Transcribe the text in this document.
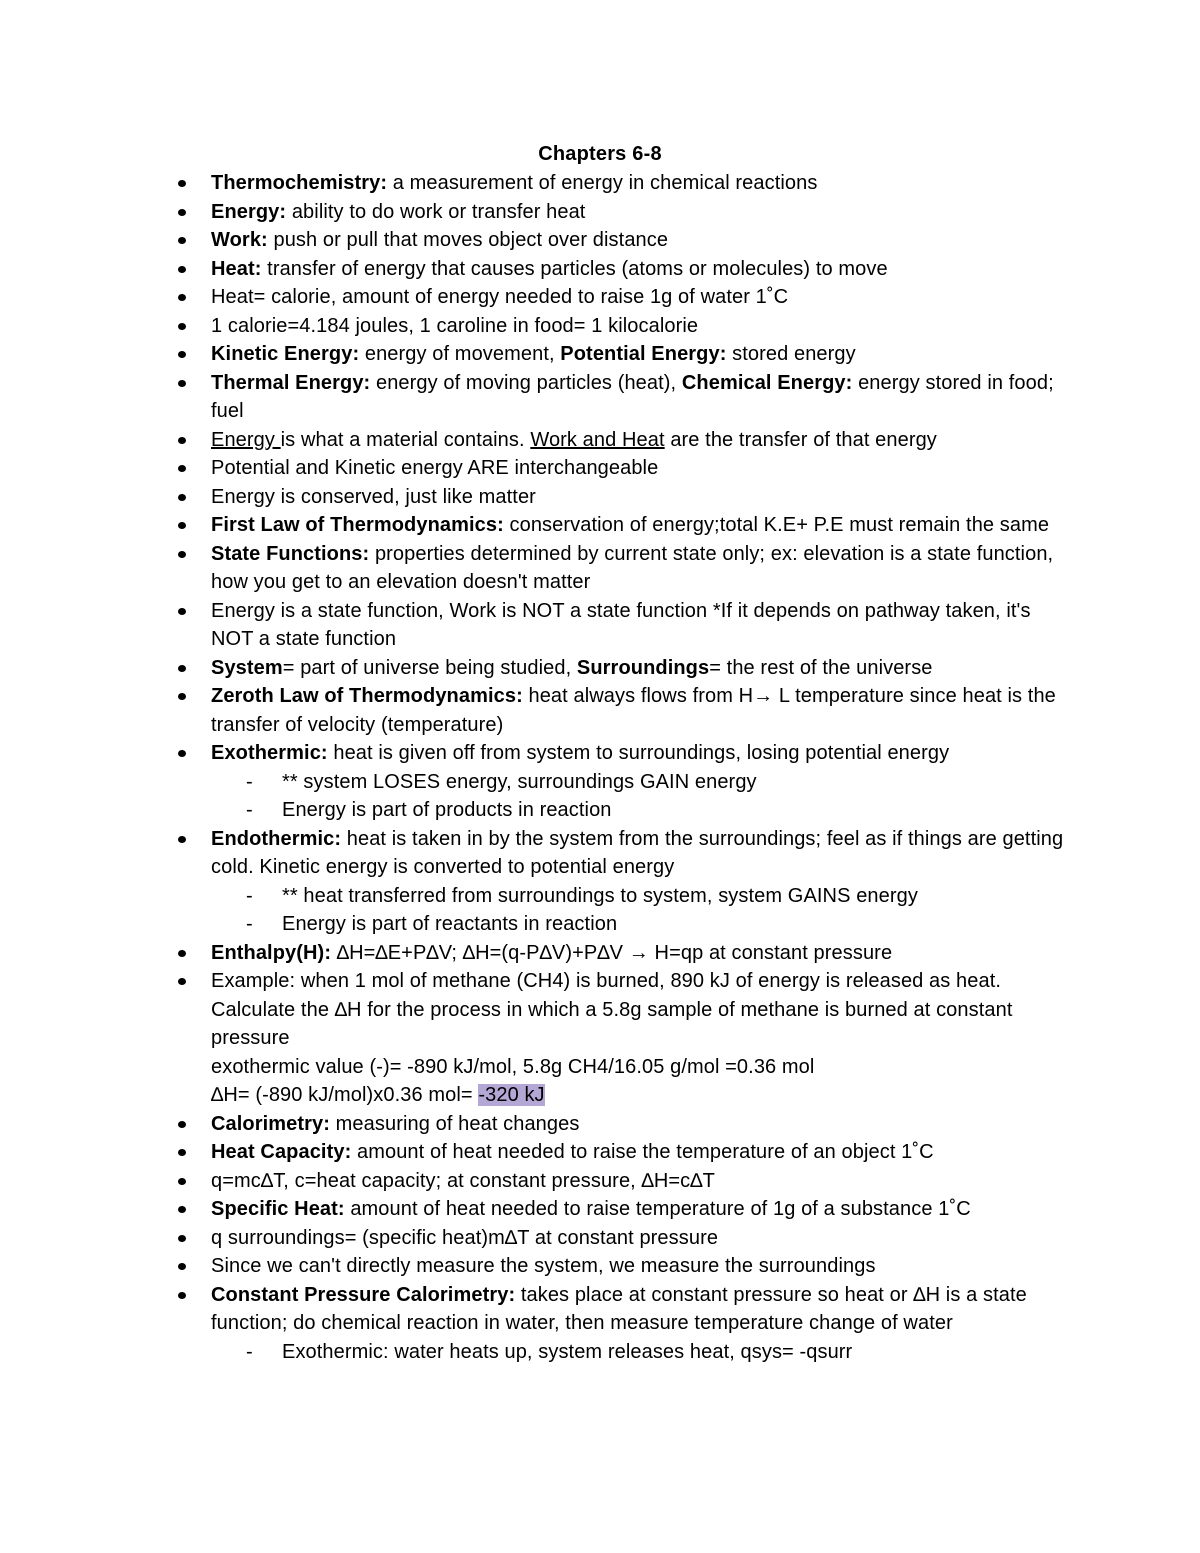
Chapters 6-8
Thermochemistry: a measurement of energy in chemical reactions
Energy: ability to do work or transfer heat
Work: push or pull that moves object over distance
Heat: transfer of energy that causes particles (atoms or molecules) to move
Heat= calorie, amount of energy needed to raise 1g of water 1˚C
1 calorie=4.184 joules, 1 caroline in food= 1 kilocalorie
Kinetic Energy: energy of movement, Potential Energy: stored energy
Thermal Energy: energy of moving particles (heat), Chemical Energy: energy stored in food; fuel
Energy is what a material contains. Work and Heat are the transfer of that energy
Potential and Kinetic energy ARE interchangeable
Energy is conserved, just like matter
First Law of Thermodynamics: conservation of energy;total K.E+ P.E must remain the same
State Functions: properties determined by current state only; ex: elevation is a state function, how you get to an elevation doesn't matter
Energy is a state function, Work is NOT a state function *If it depends on pathway taken, it's NOT a state function
System= part of universe being studied, Surroundings= the rest of the universe
Zeroth Law of Thermodynamics: heat always flows from H→ L temperature since heat is the transfer of velocity (temperature)
Exothermic: heat is given off from system to surroundings, losing potential energy
- ** system LOSES energy, surroundings GAIN energy
- Energy is part of products in reaction
Endothermic: heat is taken in by the system from the surroundings; feel as if things are getting cold. Kinetic energy is converted to potential energy
- ** heat transferred from surroundings to system, system GAINS energy
- Energy is part of reactants in reaction
Enthalpy(H): ∆H=∆E+P∆V; ∆H=(q-P∆V)+P∆V → H=qp at constant pressure
Example: when 1 mol of methane (CH4) is burned, 890 kJ of energy is released as heat. Calculate the ∆H for the process in which a 5.8g sample of methane is burned at constant pressure
exothermic value (-)= -890 kJ/mol, 5.8g CH4/16.05 g/mol =0.36 mol
∆H= (-890 kJ/mol)x0.36 mol= -320 kJ
Calorimetry: measuring of heat changes
Heat Capacity: amount of heat needed to raise the temperature of an object 1˚C
q=mc∆T, c=heat capacity; at constant pressure, ∆H=c∆T
Specific Heat: amount of heat needed to raise temperature of 1g of a substance 1˚C
q surroundings= (specific heat)m∆T at constant pressure
Since we can't directly measure the system, we measure the surroundings
Constant Pressure Calorimetry: takes place at constant pressure so heat or ∆H is a state function; do chemical reaction in water, then measure temperature change of water
- Exothermic: water heats up, system releases heat, qsys= -qsurr
